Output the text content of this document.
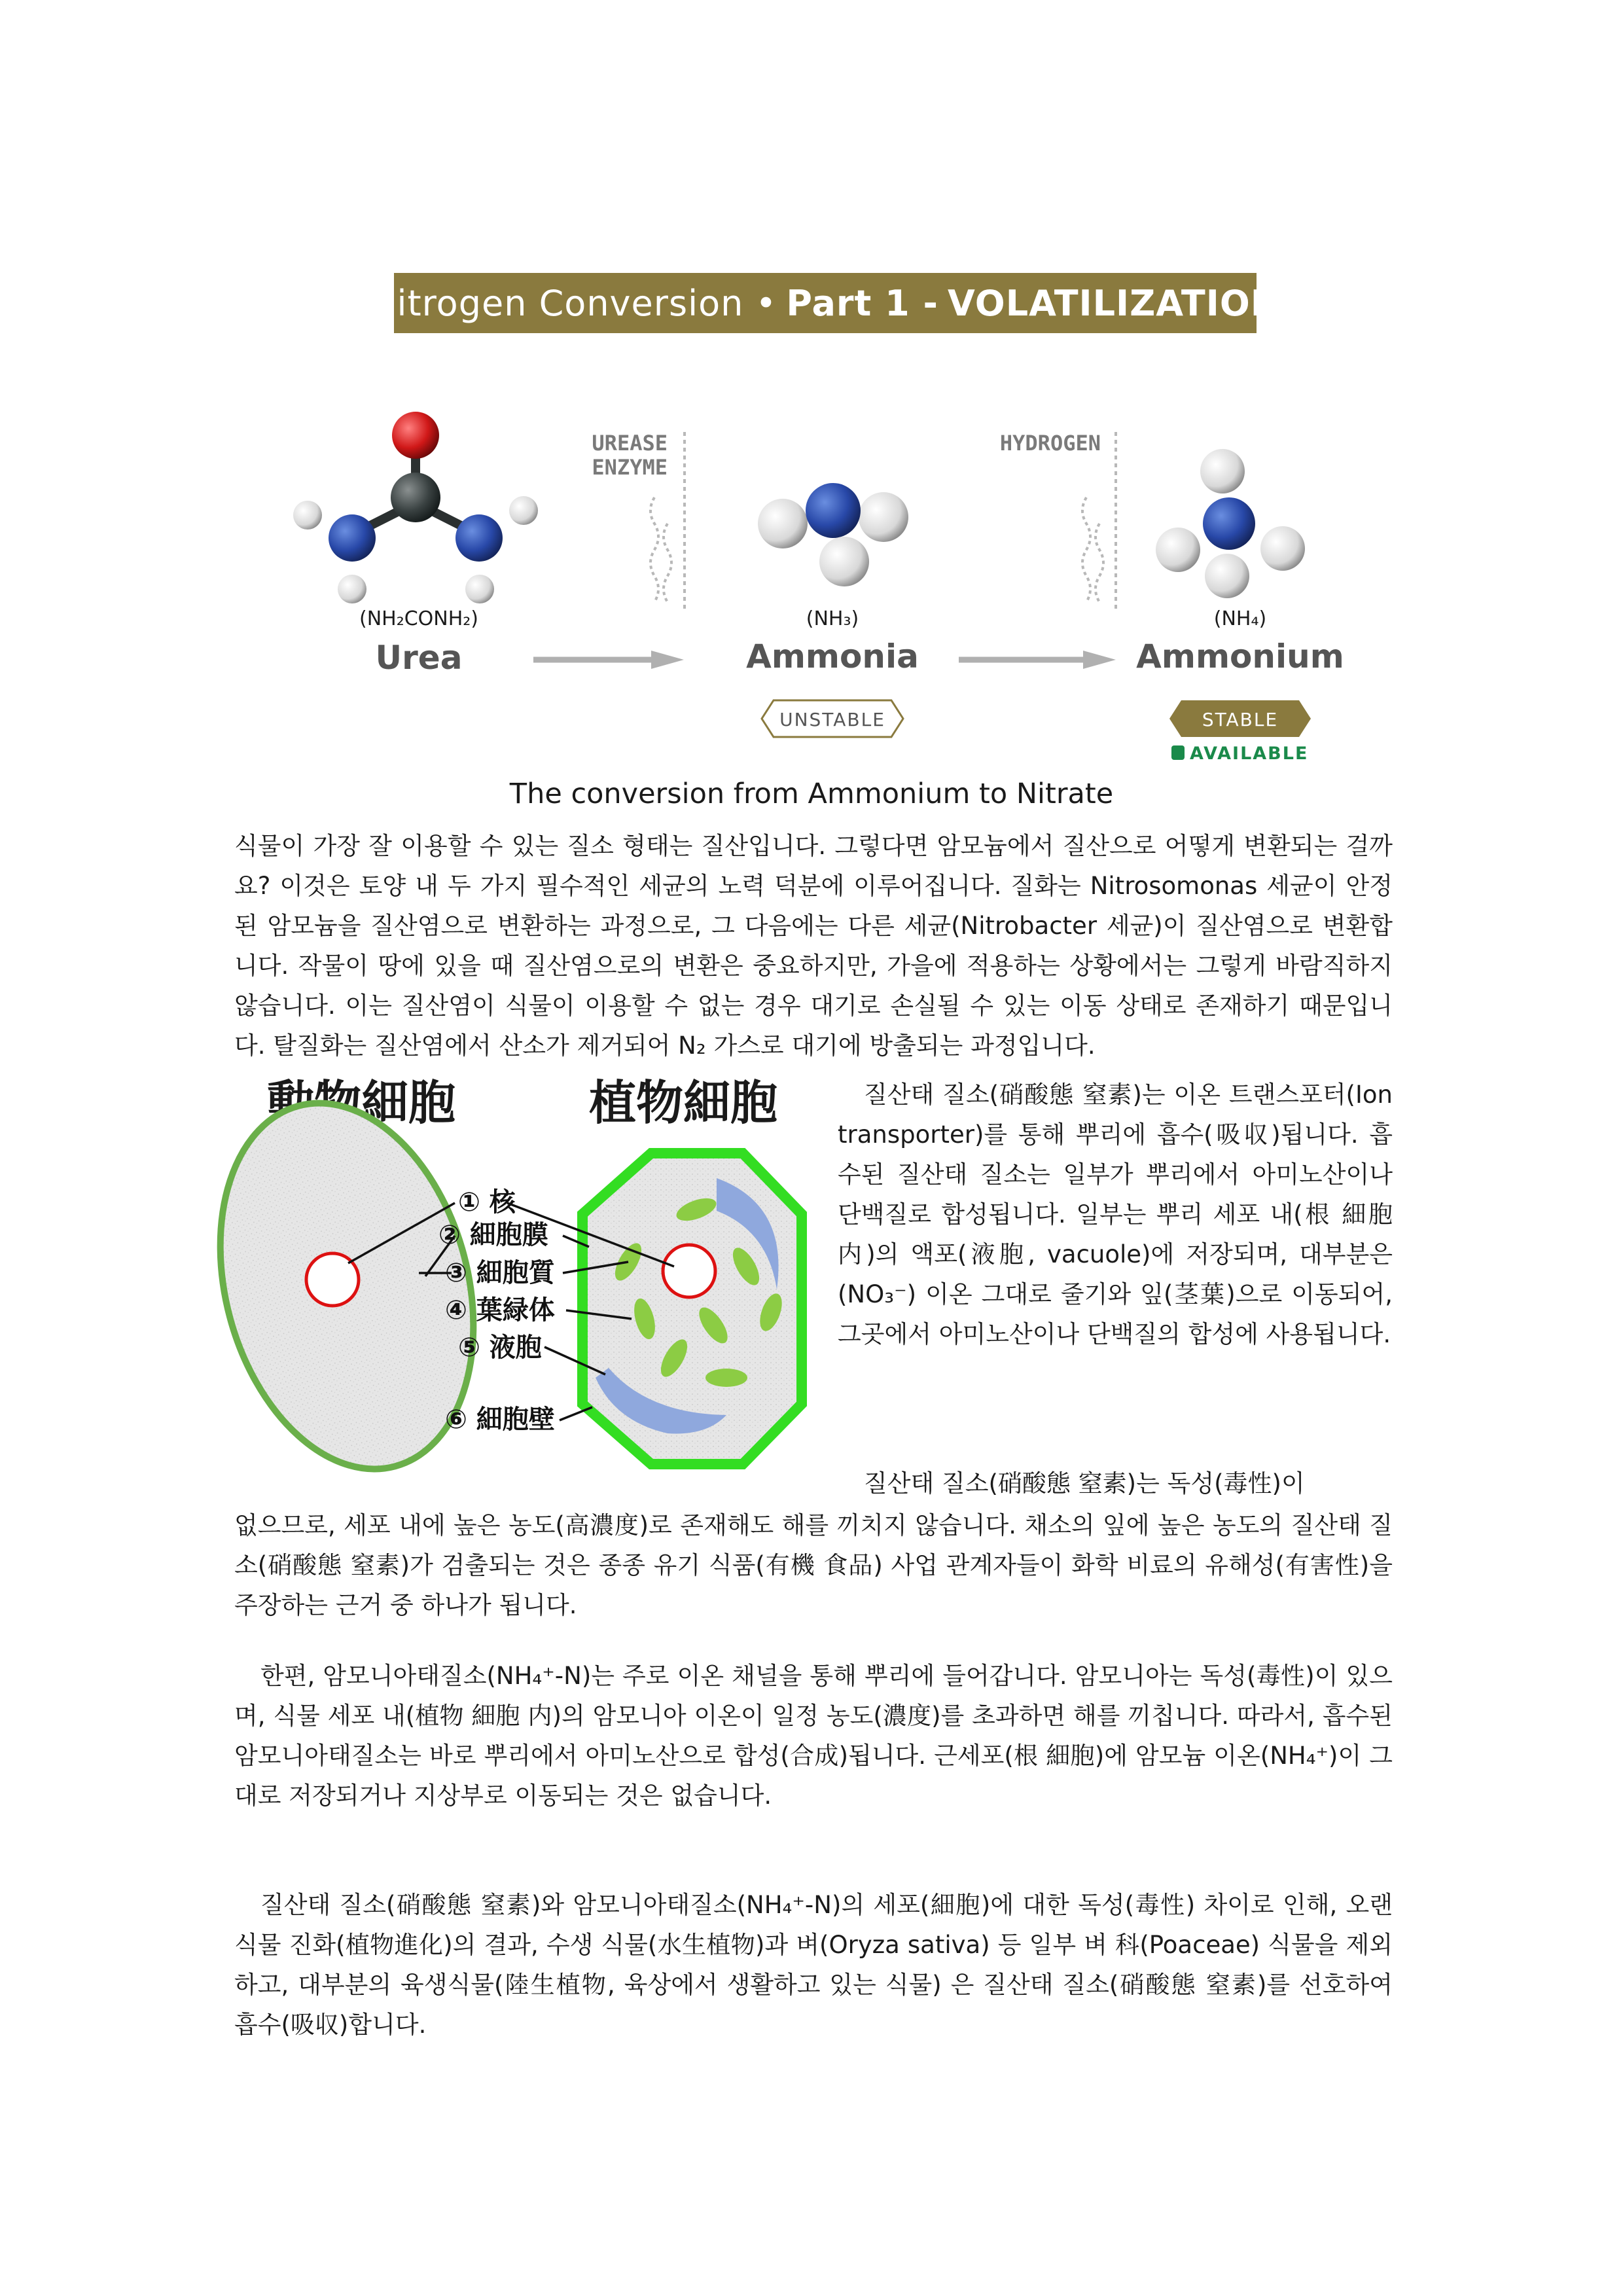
Nitrogen Conversion • Part 1 - VOLATILIZATION
(NH₂CONH₂)
Urea
UREASE
ENZYME
(NH₃)
Ammonia
UNSTABLE
HYDROGEN
(NH₄)
Ammonium
STABLE
AVAILABLE
動物細胞	植物細胞
① 核
② 細胞膜
③ 細胞質
④ 葉緑体
⑤ 液胞
⑥ 細胞壁
The conversion from Ammonium to Nitrate

식물이 가장 잘 이용할 수 있는 질소 형태는 질산입니다. 그렇다면 암모늄에서 질산으로 어떻게 변환되는 걸까요? 이것은 토양 내 두 가지 필수적인 세균의 노력 덕분에 이루어집니다. 질화는 Nitrosomonas 세균이 안정된 암모늄을 질산염으로 변환하는 과정으로, 그 다음에는 다른 세균(Nitrobacter 세균)이 질산염으로 변환합니다. 작물이 땅에 있을 때 질산염으로의 변환은 중요하지만, 가을에 적용하는 상황에서는 그렇게 바람직하지 않습니다. 이는 질산염이 식물이 이용할 수 없는 경우 대기로 손실될 수 있는 이동 상태로 존재하기 때문입니다. 탈질화는 질산염에서 산소가 제거되어 N₂ 가스로 대기에 방출되는 과정입니다.

질산태 질소(硝酸態 窒素)는 이온 트랜스포터(Ion transporter)를 통해 뿌리에 흡수(吸収)됩니다. 흡수된 질산태 질소는 일부가 뿌리에서 아미노산이나 단백질로 합성됩니다. 일부는 뿌리 세포 내(根 細胞内)의 액포(液胞, vacuole)에 저장되며, 대부분은 (NO₃⁻) 이온 그대로 줄기와 잎(茎葉)으로 이동되어, 그곳에서 아미노산이나 단백질의 합성에 사용됩니다.

질산태 질소(硝酸態 窒素)는 독성(毒性)이

없으므로, 세포 내에 높은 농도(高濃度)로 존재해도 해를 끼치지 않습니다. 채소의 잎에 높은 농도의 질산태 질소(硝酸態 窒素)가 검출되는 것은 종종 유기 식품(有機 食品) 사업 관계자들이 화학 비료의 유해성(有害性)을 주장하는 근거 중 하나가 됩니다.

한편, 암모니아태질소(NH₄⁺-N)는 주로 이온 채널을 통해 뿌리에 들어갑니다. 암모니아는 독성(毒性)이 있으며, 식물 세포 내(植物 細胞 内)의 암모니아 이온이 일정 농도(濃度)를 초과하면 해를 끼칩니다. 따라서, 흡수된 암모니아태질소는 바로 뿌리에서 아미노산으로 합성(合成)됩니다. 근세포(根 細胞)에 암모늄 이온(NH₄⁺)이 그대로 저장되거나 지상부로 이동되는 것은 없습니다.

질산태 질소(硝酸態 窒素)와 암모니아태질소(NH₄⁺-N)의 세포(細胞)에 대한 독성(毒性) 차이로 인해, 오랜 식물 진화(植物進化)의 결과, 수생 식물(水生植物)과 벼(Oryza sativa) 등 일부 벼 科(Poaceae) 식물을 제외하고, 대부분의 육생식물(陸生植物, 육상에서 생활하고 있는 식물) 은 질산태 질소(硝酸態 窒素)를 선호하여 흡수(吸収)합니다.
